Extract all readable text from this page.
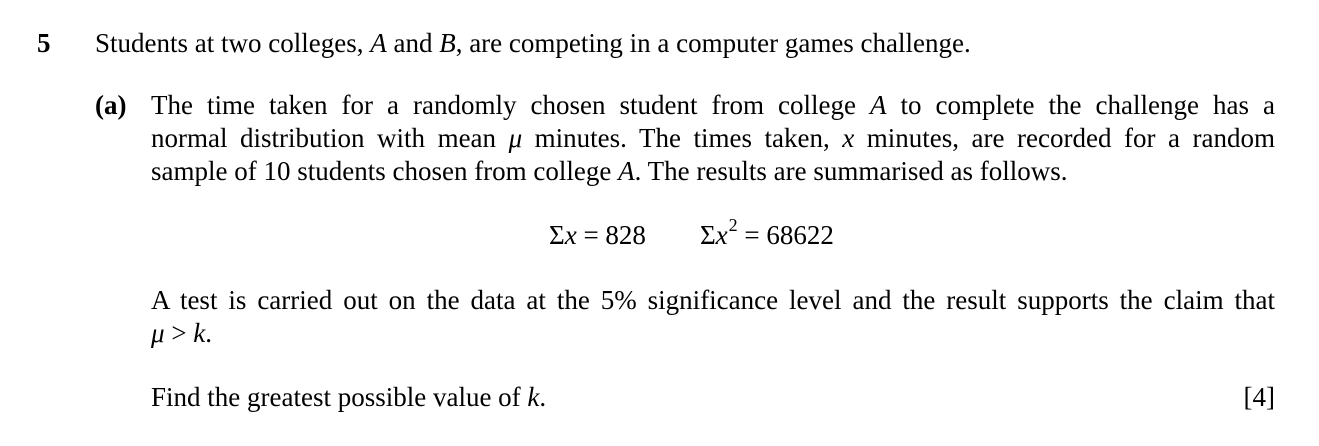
5 Students at two colleges, A and B, are competing in a computer games challenge.
(a) The time taken for a randomly chosen student from college A to complete the challenge has a
normal distribution with mean μ minutes. The times taken, x minutes, are recorded for a random
sample of 10 students chosen from college A. The results are summarised as follows.
Σx = 828 $\Sigma x^2 = 68622$
A test is carried out on the data at the 5% significance level and the result supports the claim that
μ > k.
Find the greatest possible value of k.	[4]
